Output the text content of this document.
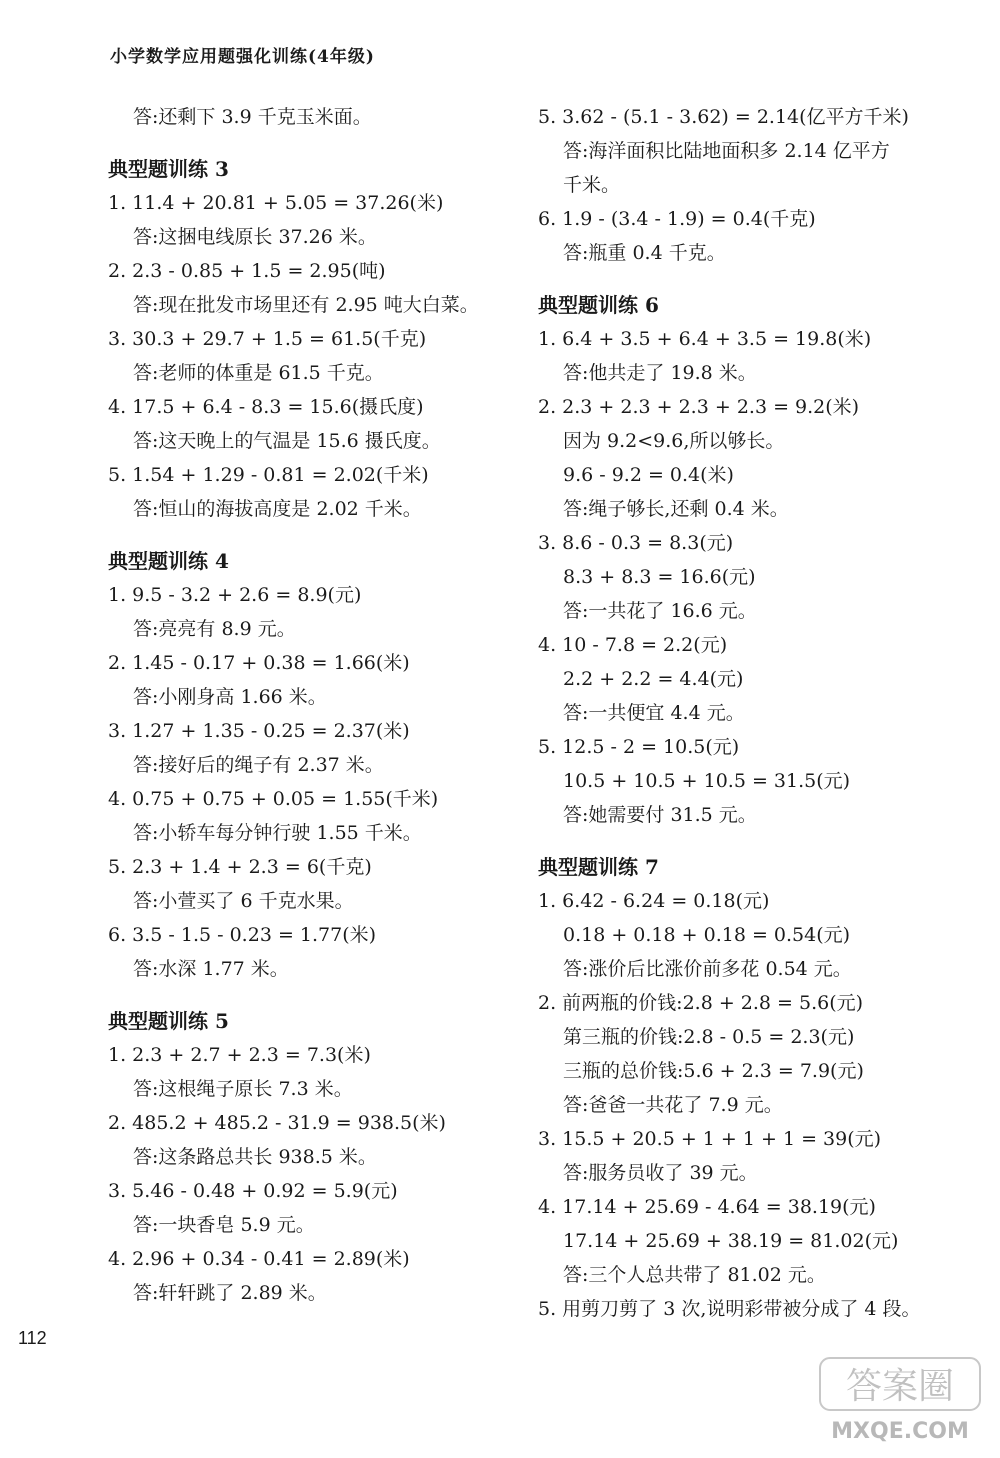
小学数学应用题强化训练(4年级)
答:还剩下 3.9 千克玉米面。
典型题训练 3
1. 11.4 + 20.81 + 5.05 = 37.26(米)
答:这捆电线原长 37.26 米。
2. 2.3 - 0.85 + 1.5 = 2.95(吨)
答:现在批发市场里还有 2.95 吨大白菜。
3. 30.3 + 29.7 + 1.5 = 61.5(千克)
答:老师的体重是 61.5 千克。
4. 17.5 + 6.4 - 8.3 = 15.6(摄氏度)
答:这天晚上的气温是 15.6 摄氏度。
5. 1.54 + 1.29 - 0.81 = 2.02(千米)
答:恒山的海拔高度是 2.02 千米。
典型题训练 4
1. 9.5 - 3.2 + 2.6 = 8.9(元)
答:亮亮有 8.9 元。
2. 1.45 - 0.17 + 0.38 = 1.66(米)
答:小刚身高 1.66 米。
3. 1.27 + 1.35 - 0.25 = 2.37(米)
答:接好后的绳子有 2.37 米。
4. 0.75 + 0.75 + 0.05 = 1.55(千米)
答:小轿车每分钟行驶 1.55 千米。
5. 2.3 + 1.4 + 2.3 = 6(千克)
答:小萱买了 6 千克水果。
6. 3.5 - 1.5 - 0.23 = 1.77(米)
答:水深 1.77 米。
典型题训练 5
1. 2.3 + 2.7 + 2.3 = 7.3(米)
答:这根绳子原长 7.3 米。
2. 485.2 + 485.2 - 31.9 = 938.5(米)
答:这条路总共长 938.5 米。
3. 5.46 - 0.48 + 0.92 = 5.9(元)
答:一块香皂 5.9 元。
4. 2.96 + 0.34 - 0.41 = 2.89(米)
答:轩轩跳了 2.89 米。
5. 3.62 - (5.1 - 3.62) = 2.14(亿平方千米)
答:海洋面积比陆地面积多 2.14 亿平方
千米。
6. 1.9 - (3.4 - 1.9) = 0.4(千克)
答:瓶重 0.4 千克。
典型题训练 6
1. 6.4 + 3.5 + 6.4 + 3.5 = 19.8(米)
答:他共走了 19.8 米。
2. 2.3 + 2.3 + 2.3 + 2.3 = 9.2(米)
因为 9.2<9.6,所以够长。
9.6 - 9.2 = 0.4(米)
答:绳子够长,还剩 0.4 米。
3. 8.6 - 0.3 = 8.3(元)
8.3 + 8.3 = 16.6(元)
答:一共花了 16.6 元。
4. 10 - 7.8 = 2.2(元)
2.2 + 2.2 = 4.4(元)
答:一共便宜 4.4 元。
5. 12.5 - 2 = 10.5(元)
10.5 + 10.5 + 10.5 = 31.5(元)
答:她需要付 31.5 元。
典型题训练 7
1. 6.42 - 6.24 = 0.18(元)
0.18 + 0.18 + 0.18 = 0.54(元)
答:涨价后比涨价前多花 0.54 元。
2. 前两瓶的价钱:2.8 + 2.8 = 5.6(元)
第三瓶的价钱:2.8 - 0.5 = 2.3(元)
三瓶的总价钱:5.6 + 2.3 = 7.9(元)
答:爸爸一共花了 7.9 元。
3. 15.5 + 20.5 + 1 + 1 + 1 = 39(元)
答:服务员收了 39 元。
4. 17.14 + 25.69 - 4.64 = 38.19(元)
17.14 + 25.69 + 38.19 = 81.02(元)
答:三个人总共带了 81.02 元。
5. 用剪刀剪了 3 次,说明彩带被分成了 4 段。
112
答案圈
MXQE.COM
